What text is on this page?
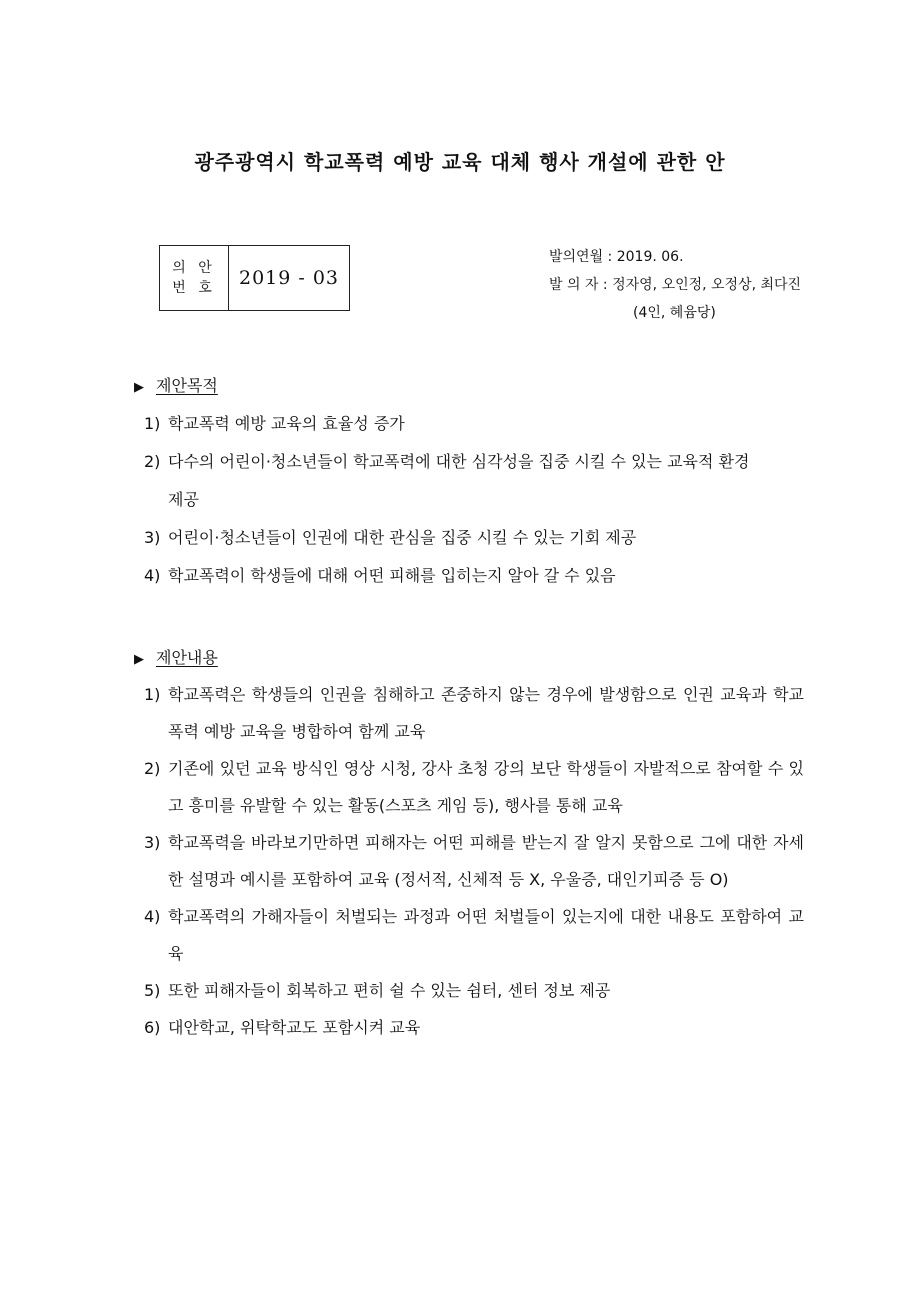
광주광역시 학교폭력 예방 교육 대체 행사 개설에 관한 안
의 안
번 호	2019 - 03
발의연월 : 2019. 06.
발 의 자 : 정자영, 오인정, 오정상, 최다진
(4인, 혜윰당)
▶ 제안목적
1) 학교폭력 예방 교육의 효율성 증가
2) 다수의 어린이·청소년들이 학교폭력에 대한 심각성을 집중 시킬 수 있는 교육적 환경 제공
3) 어린이·청소년들이 인권에 대한 관심을 집중 시킬 수 있는 기회 제공
4) 학교폭력이 학생들에 대해 어떤 피해를 입히는지 알아 갈 수 있음
▶ 제안내용
1) 학교폭력은 학생들의 인권을 침해하고 존중하지 않는 경우에 발생함으로 인권 교육과 학교폭력 예방 교육을 병합하여 함께 교육
2) 기존에 있던 교육 방식인 영상 시청, 강사 초청 강의 보단 학생들이 자발적으로 참여할 수 있고 흥미를 유발할 수 있는 활동(스포츠 게임 등), 행사를 통해 교육
3) 학교폭력을 바라보기만하면 피해자는 어떤 피해를 받는지 잘 알지 못함으로 그에 대한 자세한 설명과 예시를 포함하여 교육 (정서적, 신체적 등 X, 우울증, 대인기피증 등 O)
4) 학교폭력의 가해자들이 처벌되는 과정과 어떤 처벌들이 있는지에 대한 내용도 포함하여 교육
5) 또한 피해자들이 회복하고 편히 쉴 수 있는 쉼터, 센터 정보 제공
6) 대안학교, 위탁학교도 포함시켜 교육
